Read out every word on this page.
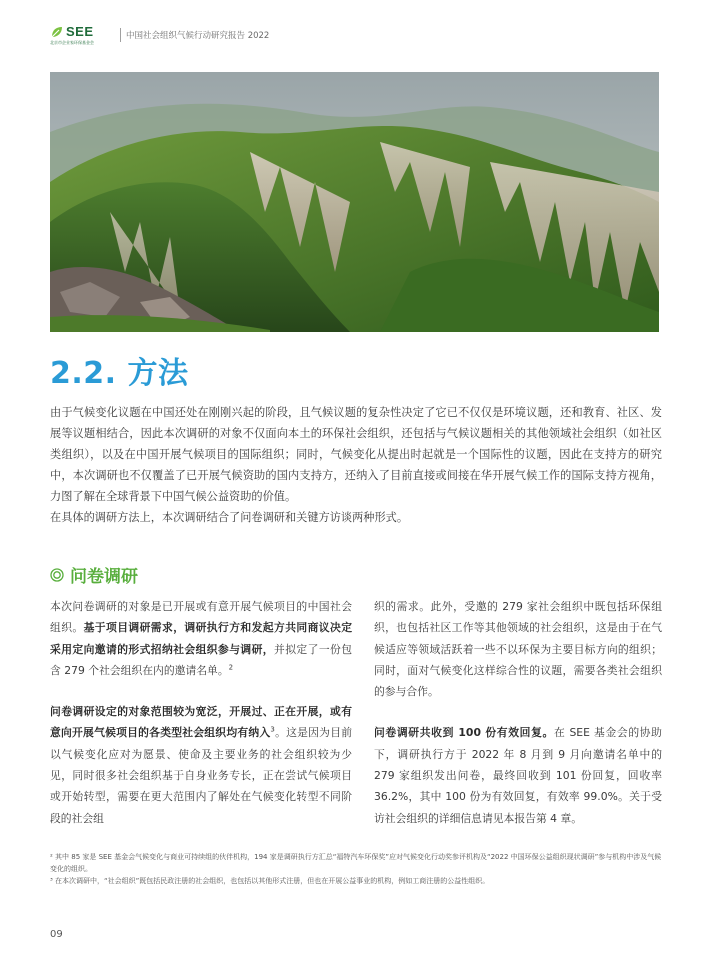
SEE
北京市企业家环保基金会
中国社会组织气候行动研究报告 2022
2.2. 方法

由于气候变化议题在中国还处在刚刚兴起的阶段，且气候议题的复杂性决定了它已不仅仅是环境议题，还和教育、社区、发展等议题相结合，因此本次调研的对象不仅面向本土的环保社会组织，还包括与气候议题相关的其他领域社会组织（如社区类组织），以及在中国开展气候项目的国际组织；同时，气候变化从提出时起就是一个国际性的议题，因此在支持方的研究中，本次调研也不仅覆盖了已开展气候资助的国内支持方，还纳入了目前直接或间接在华开展气候工作的国际支持方视角，力图了解在全球背景下中国气候公益资助的价值。

在具体的调研方法上，本次调研结合了问卷调研和关键方访谈两种形式。

问卷调研

本次问卷调研的对象是已开展或有意开展气候项目的中国社会组织。基于项目调研需求，调研执行方和发起方共同商议决定采用定向邀请的形式招纳社会组织参与调研，并拟定了一份包含 279 个社会组织在内的邀请名单。$^2$

问卷调研设定的对象范围较为宽泛，开展过、正在开展，或有意向开展气候项目的各类型社会组织均有纳入$^3$。这是因为目前以气候变化应对为愿景、使命及主要业务的社会组织较为少见，同时很多社会组织基于自身业务专长，正在尝试气候项目或开始转型，需要在更大范围内了解处在气候变化转型不同阶段的社会组

织的需求。此外，受邀的 279 家社会组织中既包括环保组织，也包括社区工作等其他领域的社会组织，这是由于在气候适应等领域活跃着一些不以环保为主要目标方向的组织；同时，面对气候变化这样综合性的议题，需要各类社会组织的参与合作。

问卷调研共收到 100 份有效回复。在 SEE 基金会的协助下，调研执行方于 2022 年 8 月到 9 月向邀请名单中的 279 家组织发出问卷，最终回收到 101 份回复，回收率 36.2%，其中 100 份为有效回复，有效率 99.0%。关于受访社会组织的详细信息请见本报告第 4 章。

² 其中 85 家是 SEE 基金会气候变化与商业可持续组的伙伴机构，194 家是调研执行方汇总“福特汽车环保奖”应对气候变化行动奖参评机构及“2022 中国环保公益组织现状调研”参与机构中涉及气候变化的组织。

³ 在本次调研中，“社会组织”既包括民政注册的社会组织，也包括以其他形式注册，但也在开展公益事业的机构，例如工商注册的公益性组织。

09
